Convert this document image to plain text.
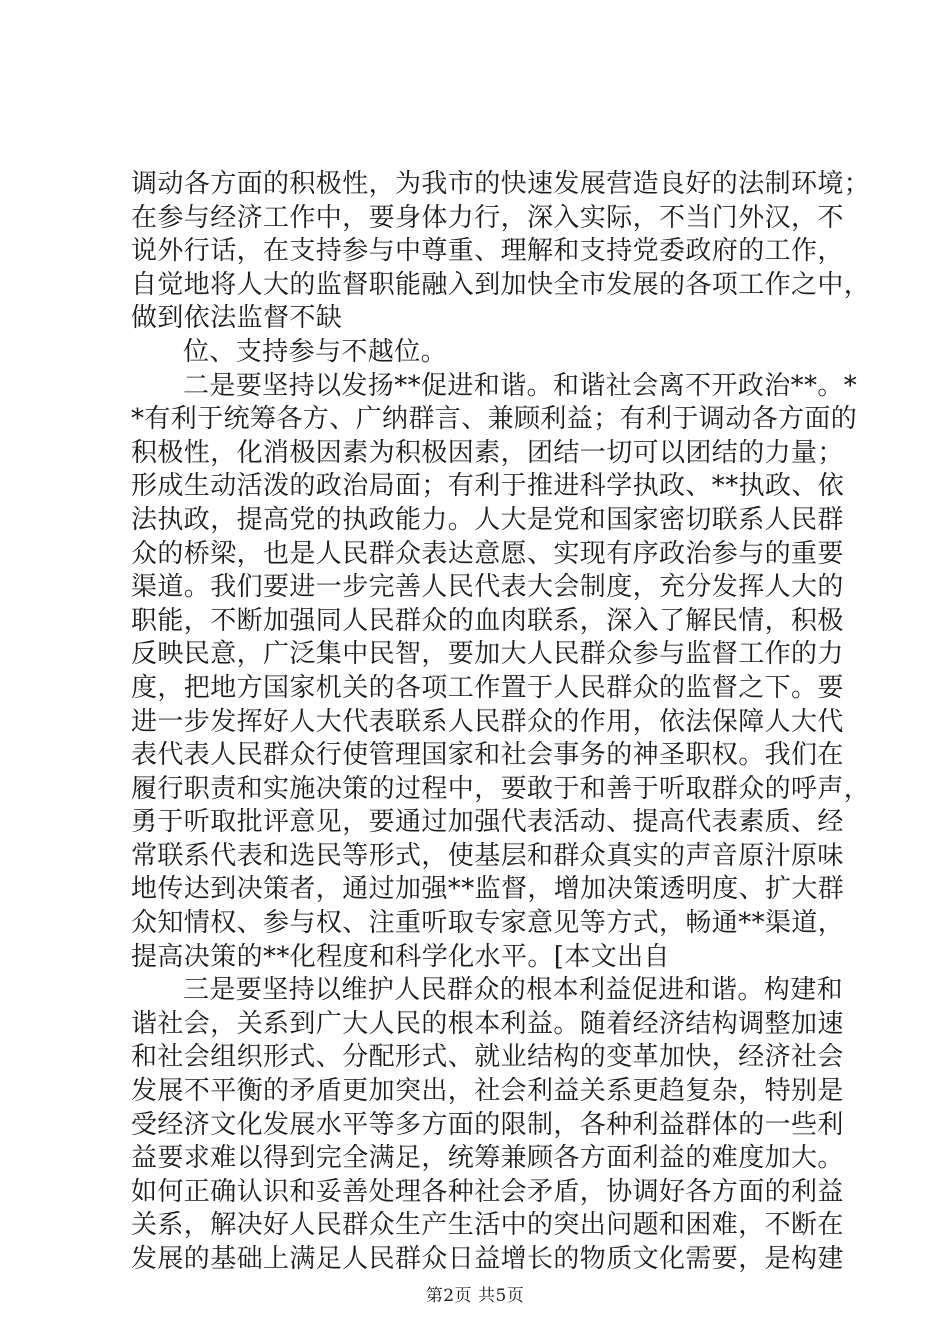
调动各方面的积极性，为我市的快速发展营造良好的法制环境；
在参与经济工作中，要身体力行，深入实际，不当门外汉，不
说外行话，在支持参与中尊重、理解和支持党委政府的工作，
自觉地将人大的监督职能融入到加快全市发展的各项工作之中，
做到依法监督不缺
位、支持参与不越位。
二是要坚持以发扬**促进和谐。和谐社会离不开政治**。*
*有利于统筹各方、广纳群言、兼顾利益；有利于调动各方面的
积极性，化消极因素为积极因素，团结一切可以团结的力量；
形成生动活泼的政治局面；有利于推进科学执政、**执政、依
法执政，提高党的执政能力。人大是党和国家密切联系人民群
众的桥梁，也是人民群众表达意愿、实现有序政治参与的重要
渠道。我们要进一步完善人民代表大会制度，充分发挥人大的
职能，不断加强同人民群众的血肉联系，深入了解民情，积极
反映民意，广泛集中民智，要加大人民群众参与监督工作的力
度，把地方国家机关的各项工作置于人民群众的监督之下。要
进一步发挥好人大代表联系人民群众的作用，依法保障人大代
表代表人民群众行使管理国家和社会事务的神圣职权。我们在
履行职责和实施决策的过程中，要敢于和善于听取群众的呼声，
勇于听取批评意见，要通过加强代表活动、提高代表素质、经
常联系代表和选民等形式，使基层和群众真实的声音原汁原味
地传达到决策者，通过加强**监督，增加决策透明度、扩大群
众知情权、参与权、注重听取专家意见等方式，畅通**渠道，
提高决策的**化程度和科学化水平。[本文出自
三是要坚持以维护人民群众的根本利益促进和谐。构建和
谐社会，关系到广大人民的根本利益。随着经济结构调整加速
和社会组织形式、分配形式、就业结构的变革加快，经济社会
发展不平衡的矛盾更加突出，社会利益关系更趋复杂，特别是
受经济文化发展水平等多方面的限制，各种利益群体的一些利
益要求难以得到完全满足，统筹兼顾各方面利益的难度加大。
如何正确认识和妥善处理各种社会矛盾，协调好各方面的利益
关系，解决好人民群众生产生活中的突出问题和困难，不断在
发展的基础上满足人民群众日益增长的物质文化需要，是构建
第2页 共5页
